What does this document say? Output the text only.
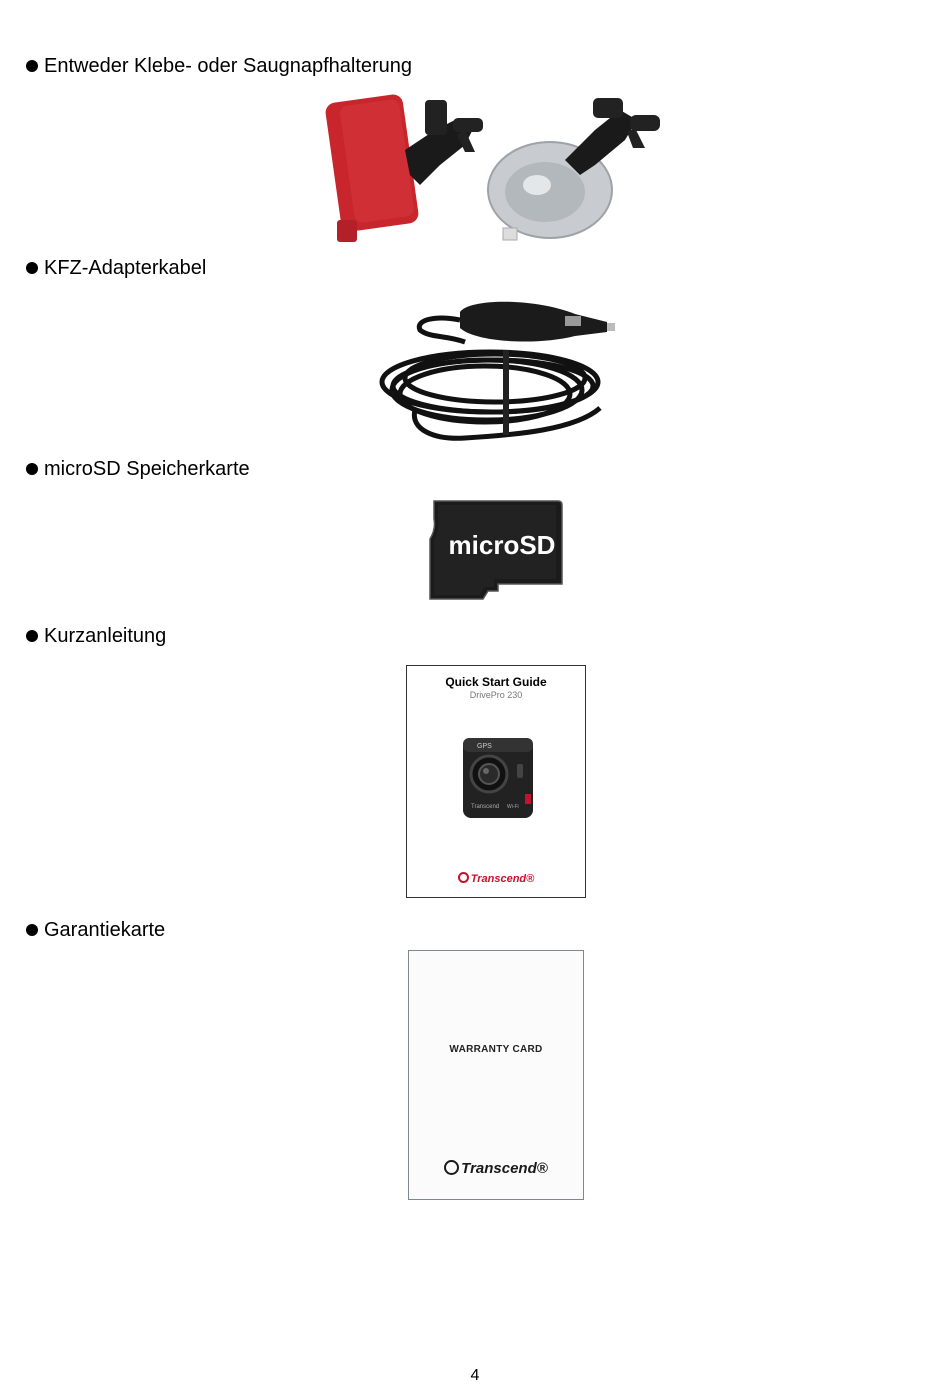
Entweder Klebe- oder Saugnapfhalterung
KFZ-Adapterkabel
microSD Speicherkarte
microSD
Kurzanleitung
Quick Start Guide
DrivePro 230
GPS
Transcend Wi-Fi
Transcend®
Garantiekarte
WARRANTY CARD
Transcend®
4
